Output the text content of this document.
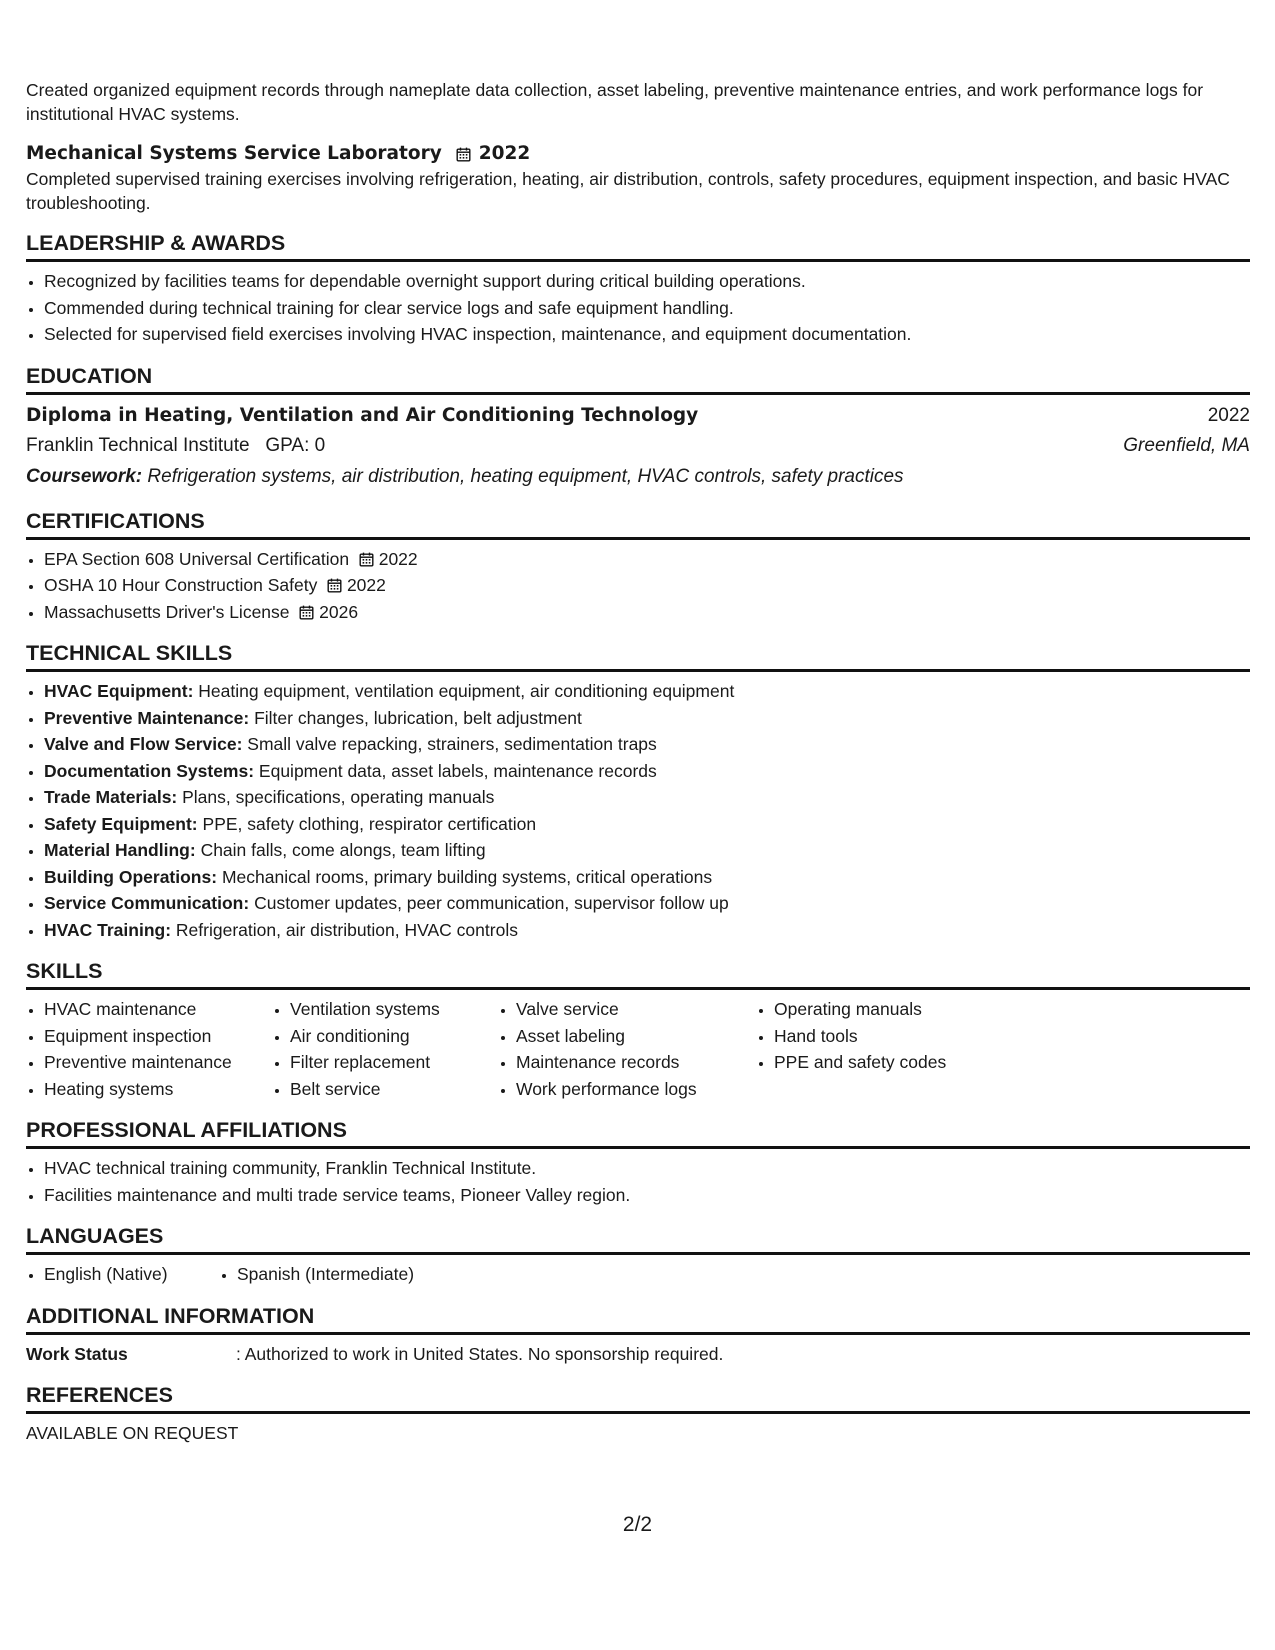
Created organized equipment records through nameplate data collection, asset labeling, preventive maintenance entries, and work performance logs for institutional HVAC systems.

Mechanical Systems Service Laboratory 2022

Completed supervised training exercises involving refrigeration, heating, air distribution, controls, safety procedures, equipment inspection, and basic HVAC troubleshooting.

LEADERSHIP & AWARDS
• Recognized by facilities teams for dependable overnight support during critical building operations.
• Commended during technical training for clear service logs and safe equipment handling.
• Selected for supervised field exercises involving HVAC inspection, maintenance, and equipment documentation.
EDUCATION
Diploma in Heating, Ventilation and Air Conditioning Technology	2022
Franklin Technical Institute GPA: 0	Greenfield, MA
Coursework: Refrigeration systems, air distribution, heating equipment, HVAC controls, safety practices
CERTIFICATIONS
• EPA Section 608 Universal Certification 2022
• OSHA 10 Hour Construction Safety 2022
• Massachusetts Driver's License 2026
TECHNICAL SKILLS
• HVAC Equipment: Heating equipment, ventilation equipment, air conditioning equipment
• Preventive Maintenance: Filter changes, lubrication, belt adjustment
• Valve and Flow Service: Small valve repacking, strainers, sedimentation traps
• Documentation Systems: Equipment data, asset labels, maintenance records
• Trade Materials: Plans, specifications, operating manuals
• Safety Equipment: PPE, safety clothing, respirator certification
• Material Handling: Chain falls, come alongs, team lifting
• Building Operations: Mechanical rooms, primary building systems, critical operations
• Service Communication: Customer updates, peer communication, supervisor follow up
• HVAC Training: Refrigeration, air distribution, HVAC controls
SKILLS
• HVAC maintenance
• Equipment inspection
• Preventive maintenance
• Heating systems
• Ventilation systems
• Air conditioning
• Filter replacement
• Belt service
• Valve service
• Asset labeling
• Maintenance records
• Work performance logs
• Operating manuals
• Hand tools
• PPE and safety codes
PROFESSIONAL AFFILIATIONS
• HVAC technical training community, Franklin Technical Institute.
• Facilities maintenance and multi trade service teams, Pioneer Valley region.
LANGUAGES
• English (Native)
•	Spanish (Intermediate)
ADDITIONAL INFORMATION
Work Status	: Authorized to work in United States. No sponsorship required.
REFERENCES
AVAILABLE ON REQUEST
2/2
